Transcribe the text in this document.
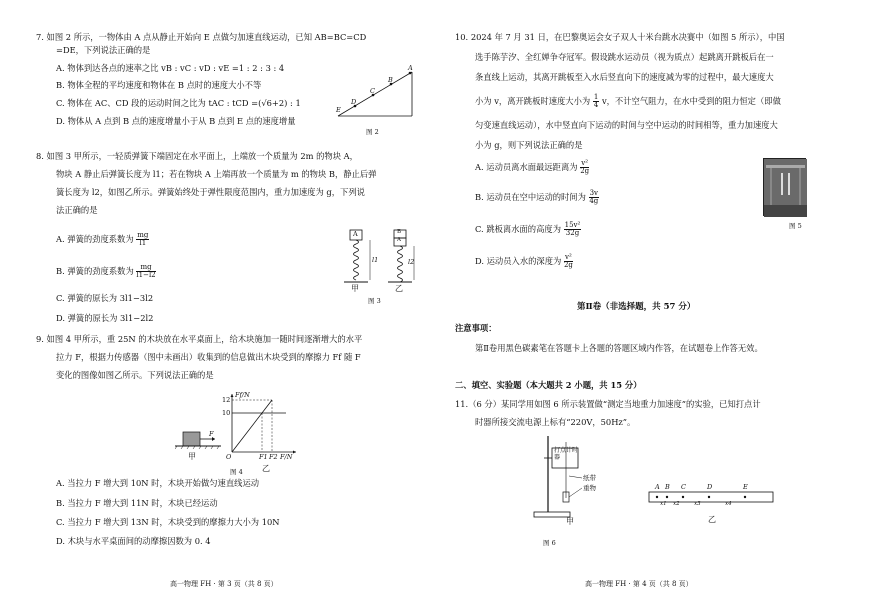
7. 如图 2 所示，一物体由 A 点从静止开始向 E 点做匀加速直线运动，已知 AB=BC=CD
=DE，下列说法正确的是
A. 物体到达各点的速率之比 vB : vC : vD : vE =1 : 2 : 3 : 4
B. 物体全程的平均速度和物体在 B 点时的速度大小不等
C. 物体在 AC、CD 段的运动时间之比为 tAC : tCD =(√6+2) : 1
D. 物体从 A 点到 B 点的速度增量小于从 B 点到 E 点的速度增量
E
D
C
B
A
图 2
8. 如图 3 甲所示，一轻质弹簧下端固定在水平面上，上端放一个质量为 2m 的物块 A，
物块 A 静止后弹簧长度为 l1；若在物块 A 上端再放一个质量为 m 的物块 B，静止后弹
簧长度为 l2，如图乙所示。弹簧始终处于弹性限度范围内，重力加速度为 g，下列说
法正确的是
A. 弹簧的劲度系数为 $\frac{mg}{l1}$
B. 弹簧的劲度系数为 $\frac{mg}{l1-l2}$
C. 弹簧的原长为 3l1−3l2
D. 弹簧的原长为 3l1−2l2
A	B
A
l1	l2
甲	乙
图 3
9. 如图 4 甲所示，重 25N 的木块放在水平桌面上，给木块施加一随时间逐渐增大的水平
拉力 F，根据力传感器（图中未画出）收集到的信息做出木块受到的摩擦力 Ff 随 F
变化的图像如图乙所示。下列说法正确的是
F
甲
Ff/N
12
10
O	F1 F2 F/N
乙
图 4
A. 当拉力 F 增大到 10N 时，木块开始做匀速直线运动
B. 当拉力 F 增大到 11N 时，木块已经运动
C. 当拉力 F 增大到 13N 时，木块受到的摩擦力大小为 10N
D. 木块与水平桌面间的动摩擦因数为 0. 4
高一物理 FH · 第 3 页（共 8 页）
10. 2024 年 7 月 31 日，在巴黎奥运会女子双人十米台跳水决赛中（如图 5 所示），中国
选手陈芋汐、全红婵争夺冠军。假设跳水运动员（视为质点）起跳离开跳板后在一
条直线上运动，其离开跳板至入水后竖直向下的速度减为零的过程中，最大速度大
小为 v，离开跳板时速度大小为 $\frac{1}{4}$ v，不计空气阻力，在水中受到的阻力恒定（即做
匀变速直线运动），水中竖直向下运动的时间与空中运动的时间相等，重力加速度大
小为 g，则下列说法正确的是
A. 运动员离水面最远距离为 $\frac{\text{v²}}{2g}$
B. 运动员在空中运动的时间为 $\frac{3v}{4g}$
C. 跳板离水面的高度为 $\frac{\text{15v²}}{32g}$
D. 运动员入水的深度为 $\frac{\text{v²}}{2g}$
图 5
第Ⅱ卷（非选择题，共 57 分）
注意事项：
第Ⅱ卷用黑色碳素笔在答题卡上各题的答题区域内作答，在试题卷上作答无效。
二、填空、实验题（本大题共 2 小题，共 15 分）
11.（6 分）某同学用如图 6 所示装置做“测定当地重力加速度”的实验，已知打点计
时器所接交流电源上标有“220V，50Hz”。
打点计时器
纸带
重物
甲
A B C	D	E
x1 x2	x3	x4
乙
图 6
高一物理 FH · 第 4 页（共 8 页）
